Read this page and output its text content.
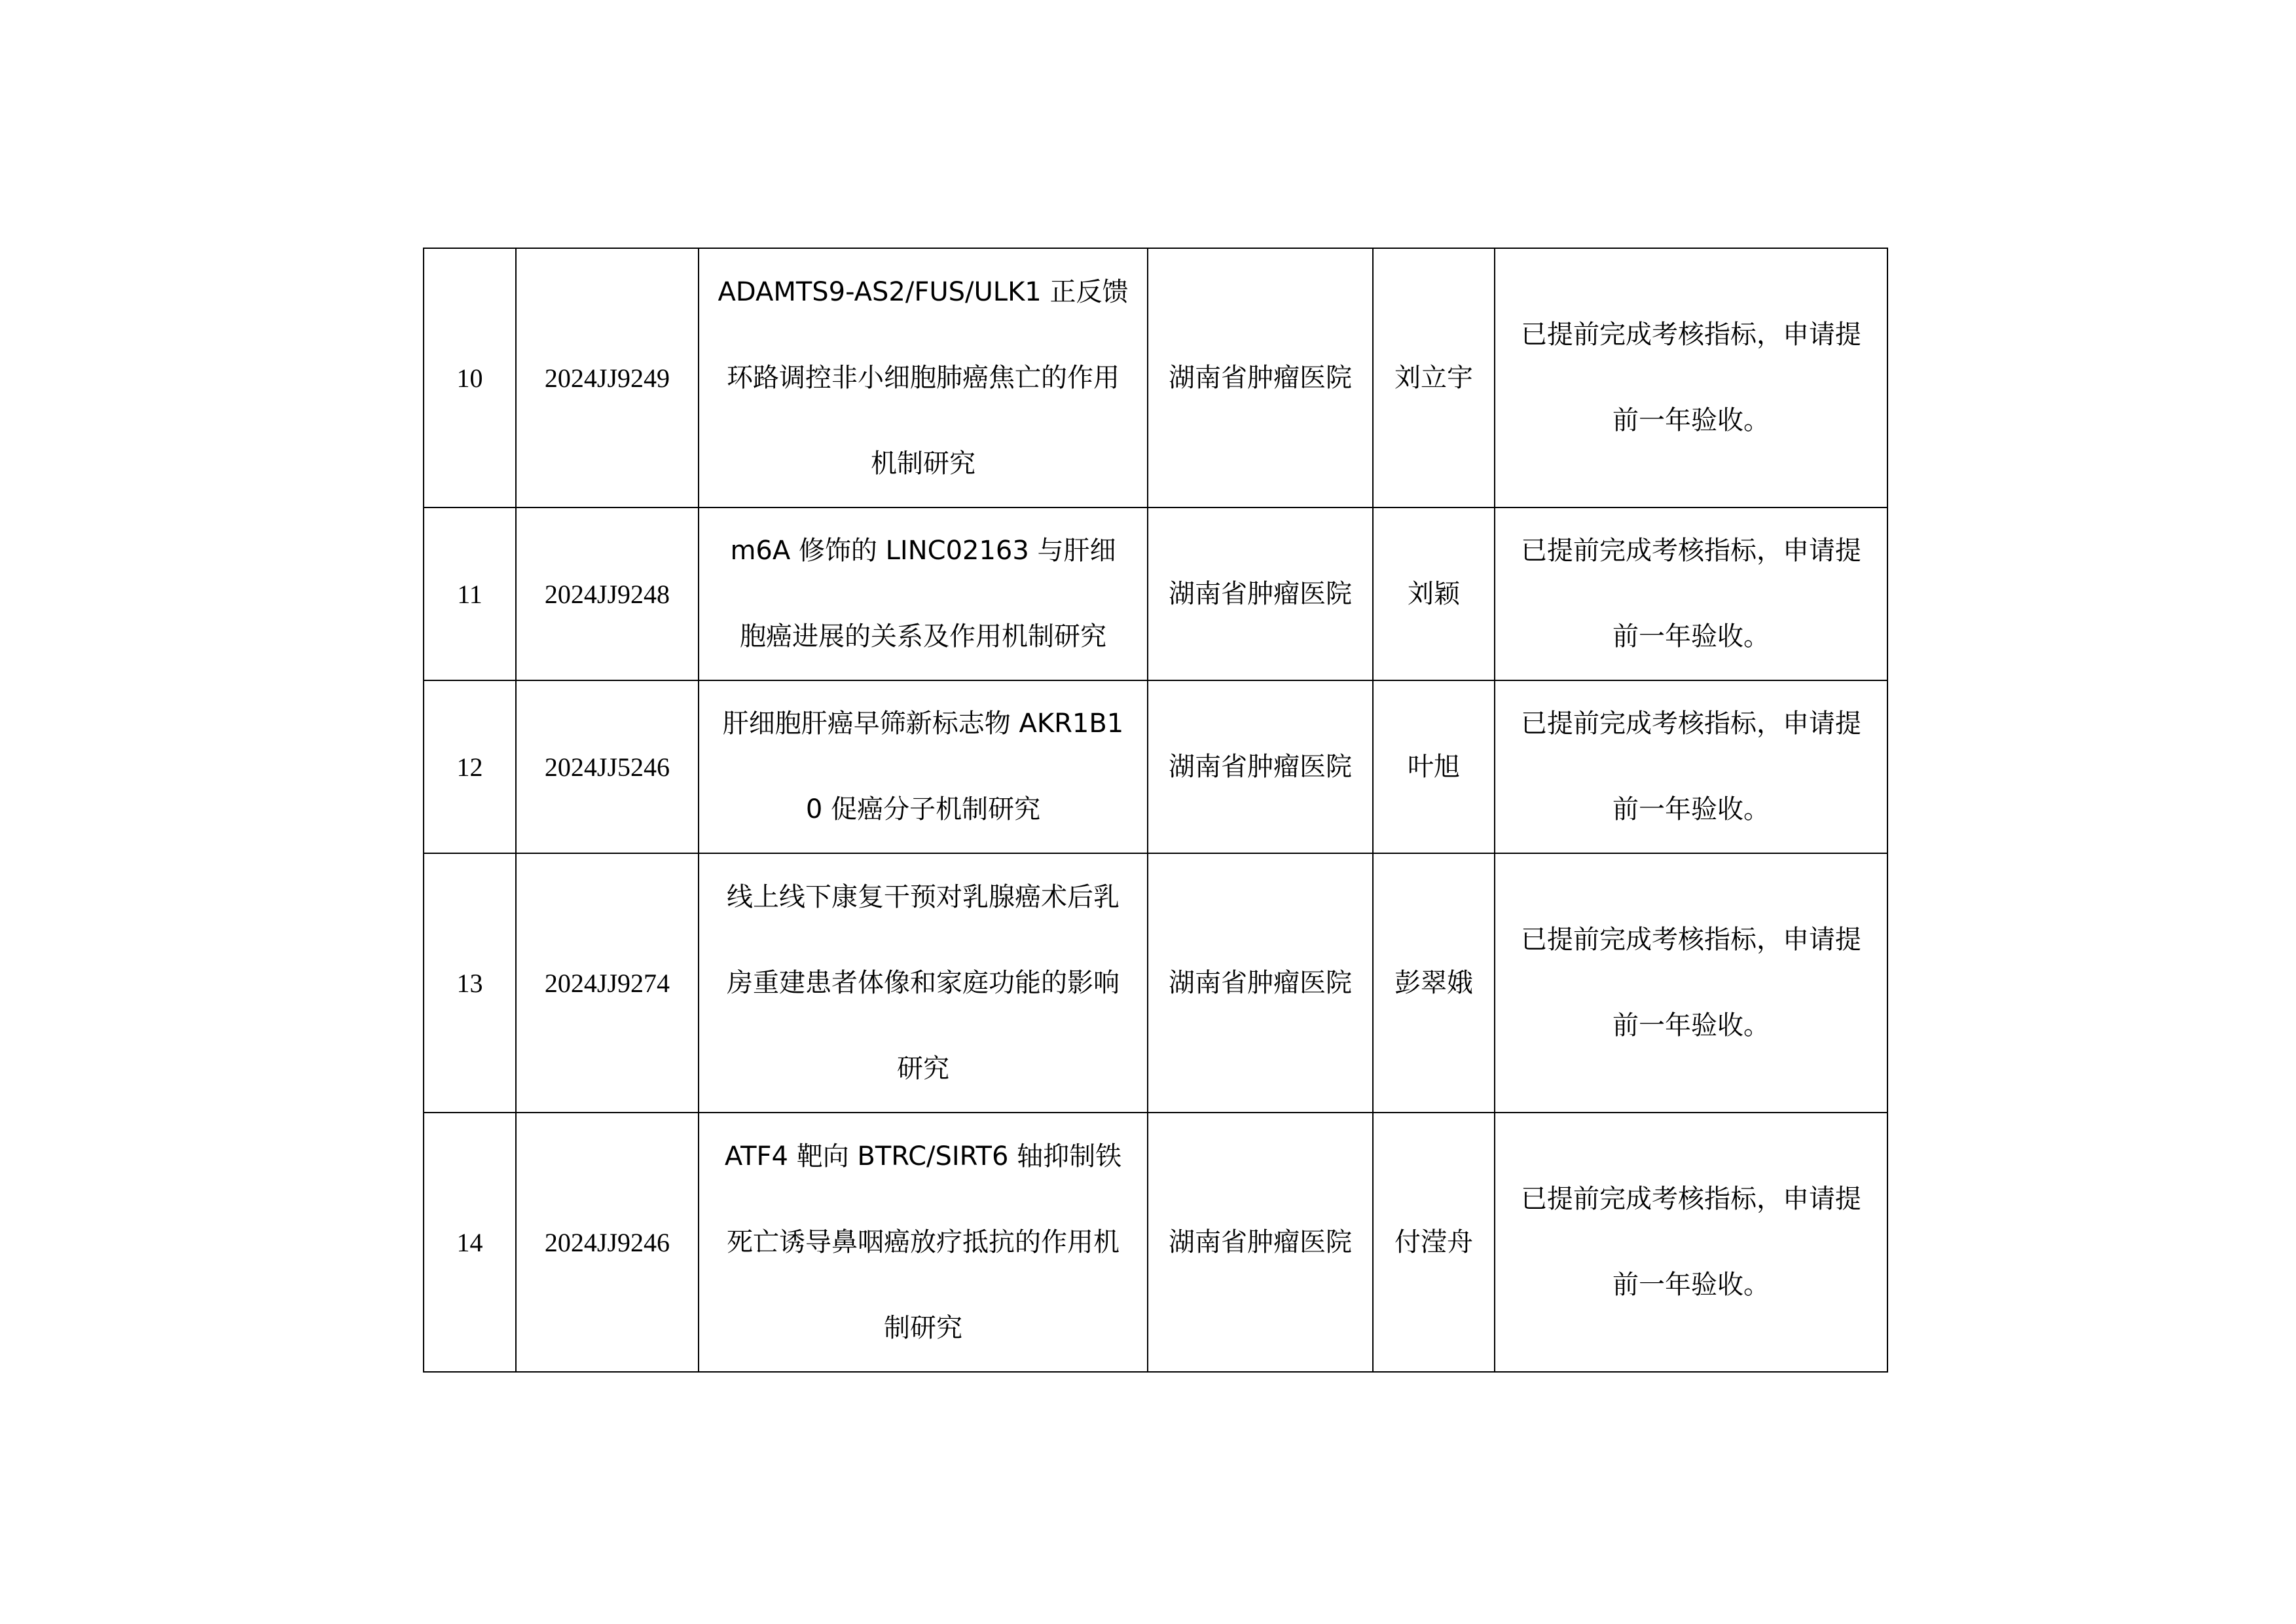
10	2024JJ9249	ADAMTS9-AS2/FUS/ULK1 正反馈环路调控非小细胞肺癌焦亡的作用机制研究	湖南省肿瘤医院	刘立宇	已提前完成考核指标，申请提前一年验收。
11	2024JJ9248	m6A 修饰的 LINC02163 与肝细胞癌进展的关系及作用机制研究	湖南省肿瘤医院	刘颖	已提前完成考核指标，申请提前一年验收。
12	2024JJ5246	肝细胞肝癌早筛新标志物 AKR1B10 促癌分子机制研究	湖南省肿瘤医院	叶旭	已提前完成考核指标，申请提前一年验收。
13	2024JJ9274	线上线下康复干预对乳腺癌术后乳房重建患者体像和家庭功能的影响研究	湖南省肿瘤医院	彭翠娥	已提前完成考核指标，申请提前一年验收。
14	2024JJ9246	ATF4 靶向 BTRC/SIRT6 轴抑制铁死亡诱导鼻咽癌放疗抵抗的作用机制研究	湖南省肿瘤医院	付滢舟	已提前完成考核指标，申请提前一年验收。
